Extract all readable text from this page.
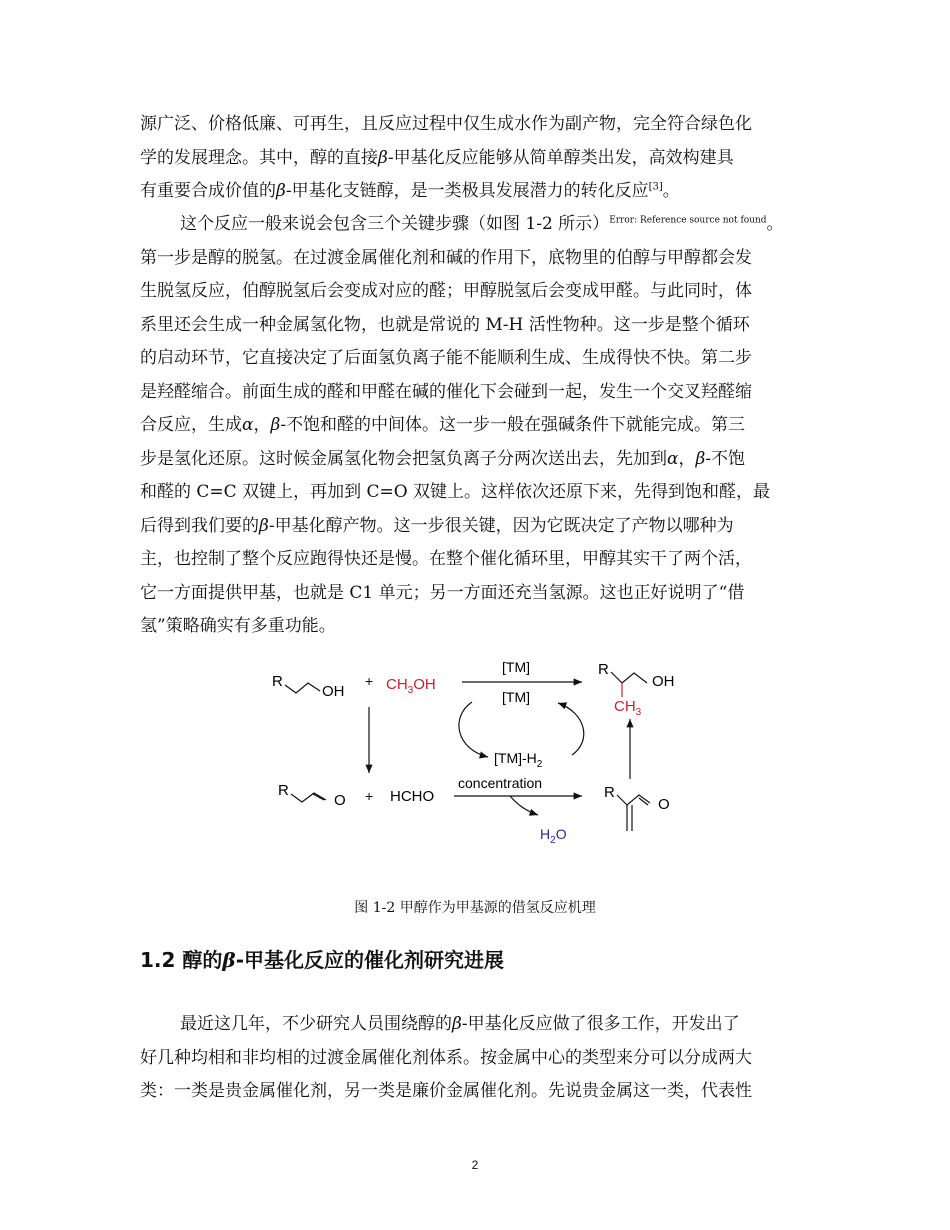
源广泛、价格低廉、可再生，且反应过程中仅生成水作为副产物，完全符合绿色化
学的发展理念。其中，醇的直接β-甲基化反应能够从简单醇类出发，高效构建具
有重要合成价值的β-甲基化支链醇，是一类极具发展潜力的转化反应[3]。
这个反应一般来说会包含三个关键步骤（如图 1-2 所示）$^{Error: Reference source not found}$。
第一步是醇的脱氢。在过渡金属催化剂和碱的作用下，底物里的伯醇与甲醇都会发
生脱氢反应，伯醇脱氢后会变成对应的醛；甲醇脱氢后会变成甲醛。与此同时，体
系里还会生成一种金属氢化物，也就是常说的 M-H 活性物种。这一步是整个循环
的启动环节，它直接决定了后面氢负离子能不能顺利生成、生成得快不快。第二步
是羟醛缩合。前面生成的醛和甲醛在碱的催化下会碰到一起，发生一个交叉羟醛缩
合反应，生成α，β-不饱和醛的中间体。这一步一般在强碱条件下就能完成。第三
步是氢化还原。这时候金属氢化物会把氢负离子分两次送出去，先加到α，β-不饱
和醛的 C=C 双键上，再加到 C=O 双键上。这样依次还原下来，先得到饱和醛，最
后得到我们要的β-甲基化醇产物。这一步很关键，因为它既决定了产物以哪种为
主，也控制了整个反应跑得快还是慢。在整个催化循环里，甲醇其实干了两个活，
它一方面提供甲基，也就是 C1 单元；另一方面还充当氢源。这也正好说明了“借
氢”策略确实有多重功能。
R
OH
+ $CH_3OH$
[TM]
[TM]
$[TM]-H_2$
R
OH
$CH_3$
R
O + HCHO
concentration
$H_2O$
R
O
图 1-2 甲醇作为甲基源的借氢反应机理
1.2 醇的β-甲基化反应的催化剂研究进展
最近这几年，不少研究人员围绕醇的β-甲基化反应做了很多工作，开发出了
好几种均相和非均相的过渡金属催化剂体系。按金属中心的类型来分可以分成两大
类：一类是贵金属催化剂，另一类是廉价金属催化剂。先说贵金属这一类，代表性
2
